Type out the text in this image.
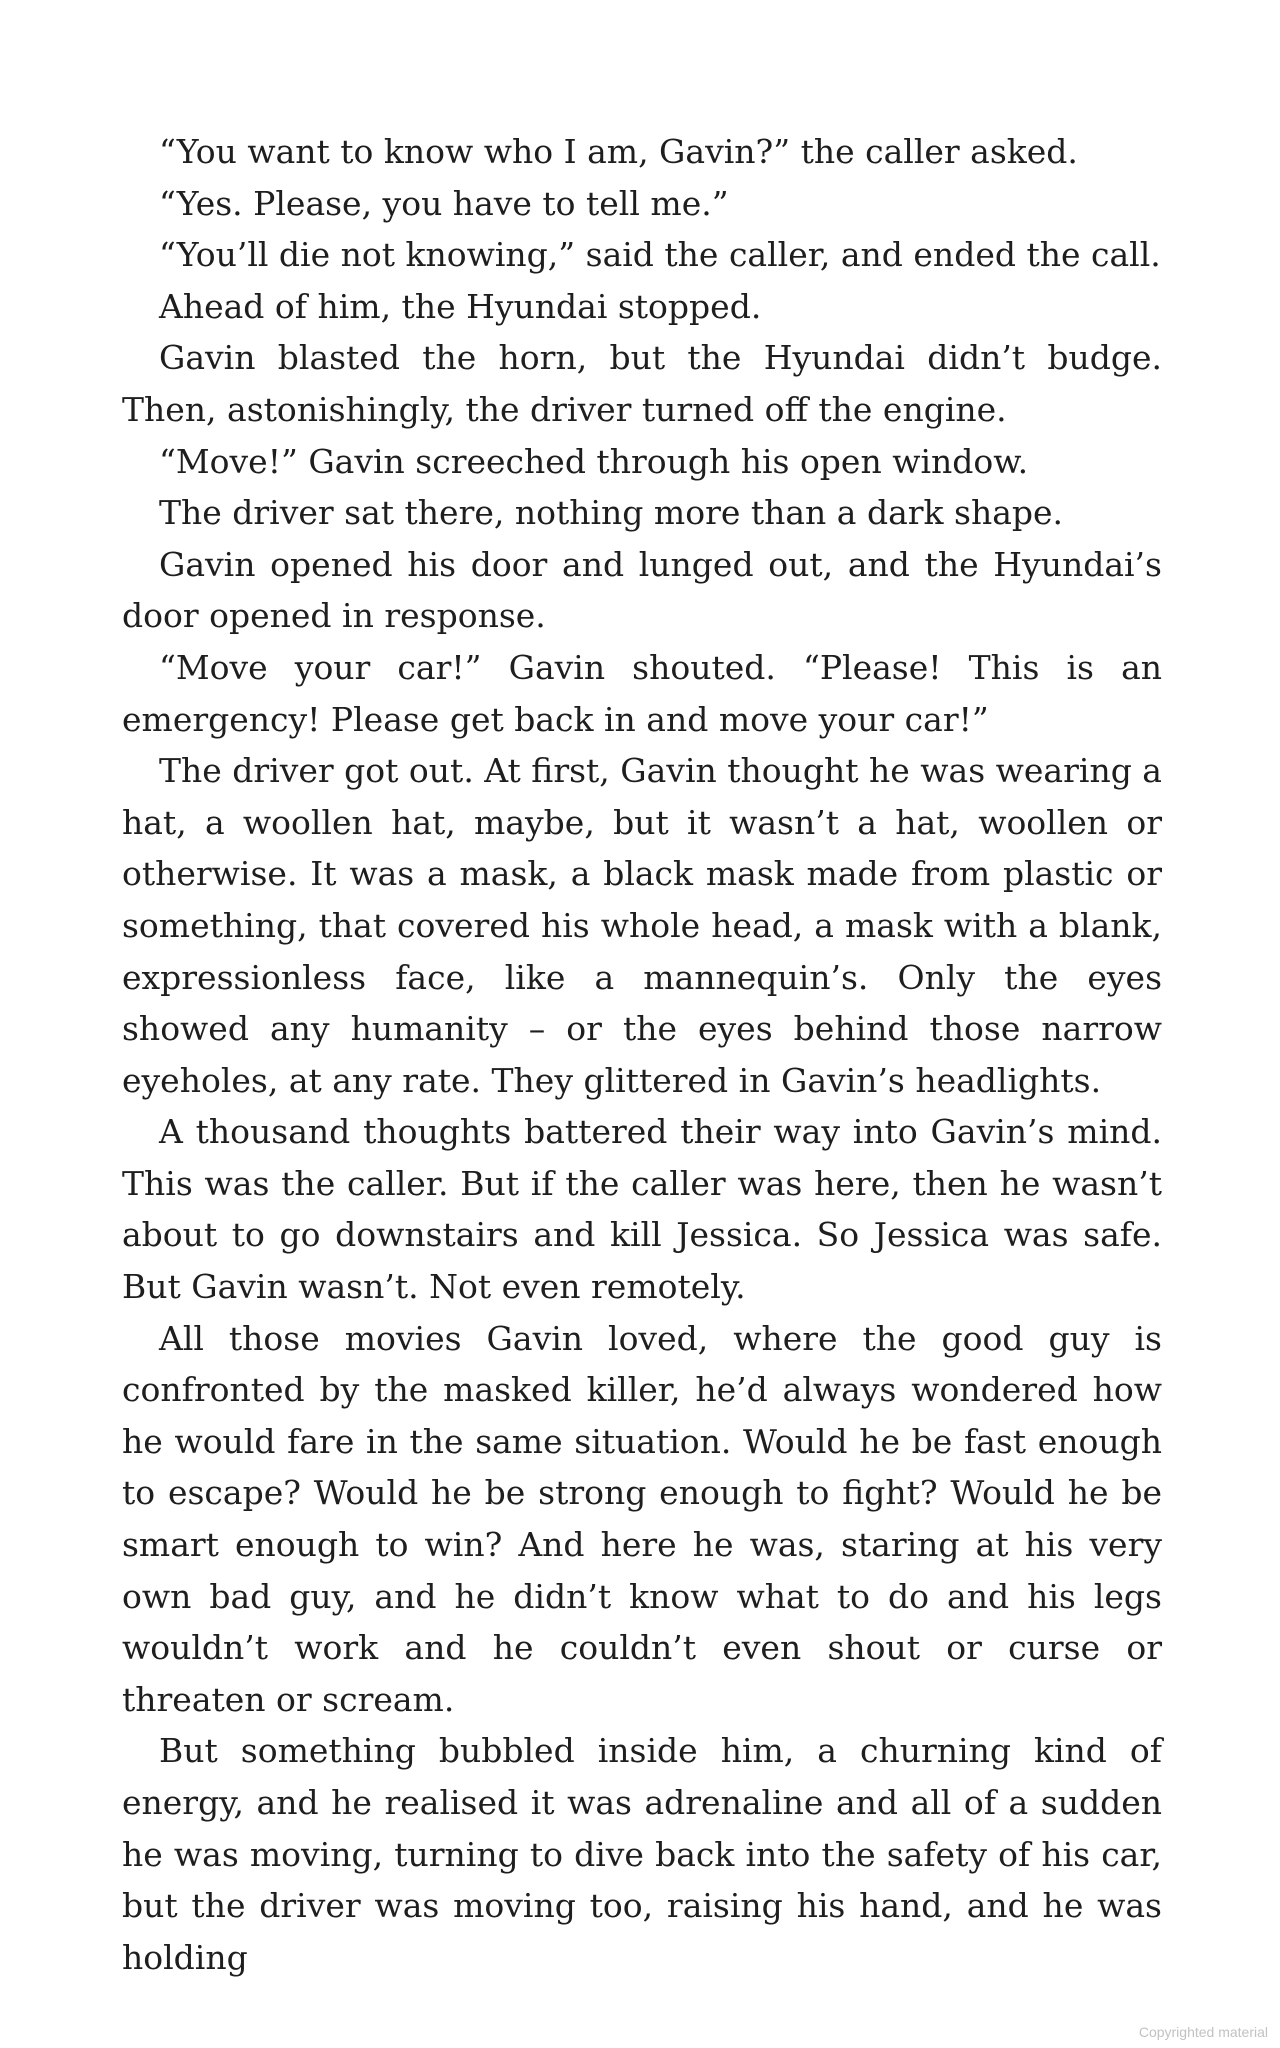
“You want to know who I am, Gavin?” the caller asked.

“Yes. Please, you have to tell me.”

“You’ll die not knowing,” said the caller, and ended the call.

Ahead of him, the Hyundai stopped.

Gavin blasted the horn, but the Hyundai didn’t budge. Then, astonishingly, the driver turned off the engine.

“Move!” Gavin screeched through his open window.

The driver sat there, nothing more than a dark shape.

Gavin opened his door and lunged out, and the Hyundai’s door opened in response.

“Move your car!” Gavin shouted. “Please! This is an emergency! Please get back in and move your car!”

The driver got out. At first, Gavin thought he was wearing a hat, a woollen hat, maybe, but it wasn’t a hat, woollen or otherwise. It was a mask, a black mask made from plastic or something, that covered his whole head, a mask with a blank, expressionless face, like a mannequin’s. Only the eyes showed any humanity – or the eyes behind those narrow eyeholes, at any rate. They glittered in Gavin’s headlights.

A thousand thoughts battered their way into Gavin’s mind. This was the caller. But if the caller was here, then he wasn’t about to go downstairs and kill Jessica. So Jessica was safe. But Gavin wasn’t. Not even remotely.

All those movies Gavin loved, where the good guy is confronted by the masked killer, he’d always wondered how he would fare in the same situation. Would he be fast enough to escape? Would he be strong enough to fight? Would he be smart enough to win? And here he was, staring at his very own bad guy, and he didn’t know what to do and his legs wouldn’t work and he couldn’t even shout or curse or threaten or scream.

But something bubbled inside him, a churning kind of energy, and he realised it was adrenaline and all of a sudden he was moving, turning to dive back into the safety of his car, but the driver was moving too, raising his hand, and he was holding

Copyrighted material
